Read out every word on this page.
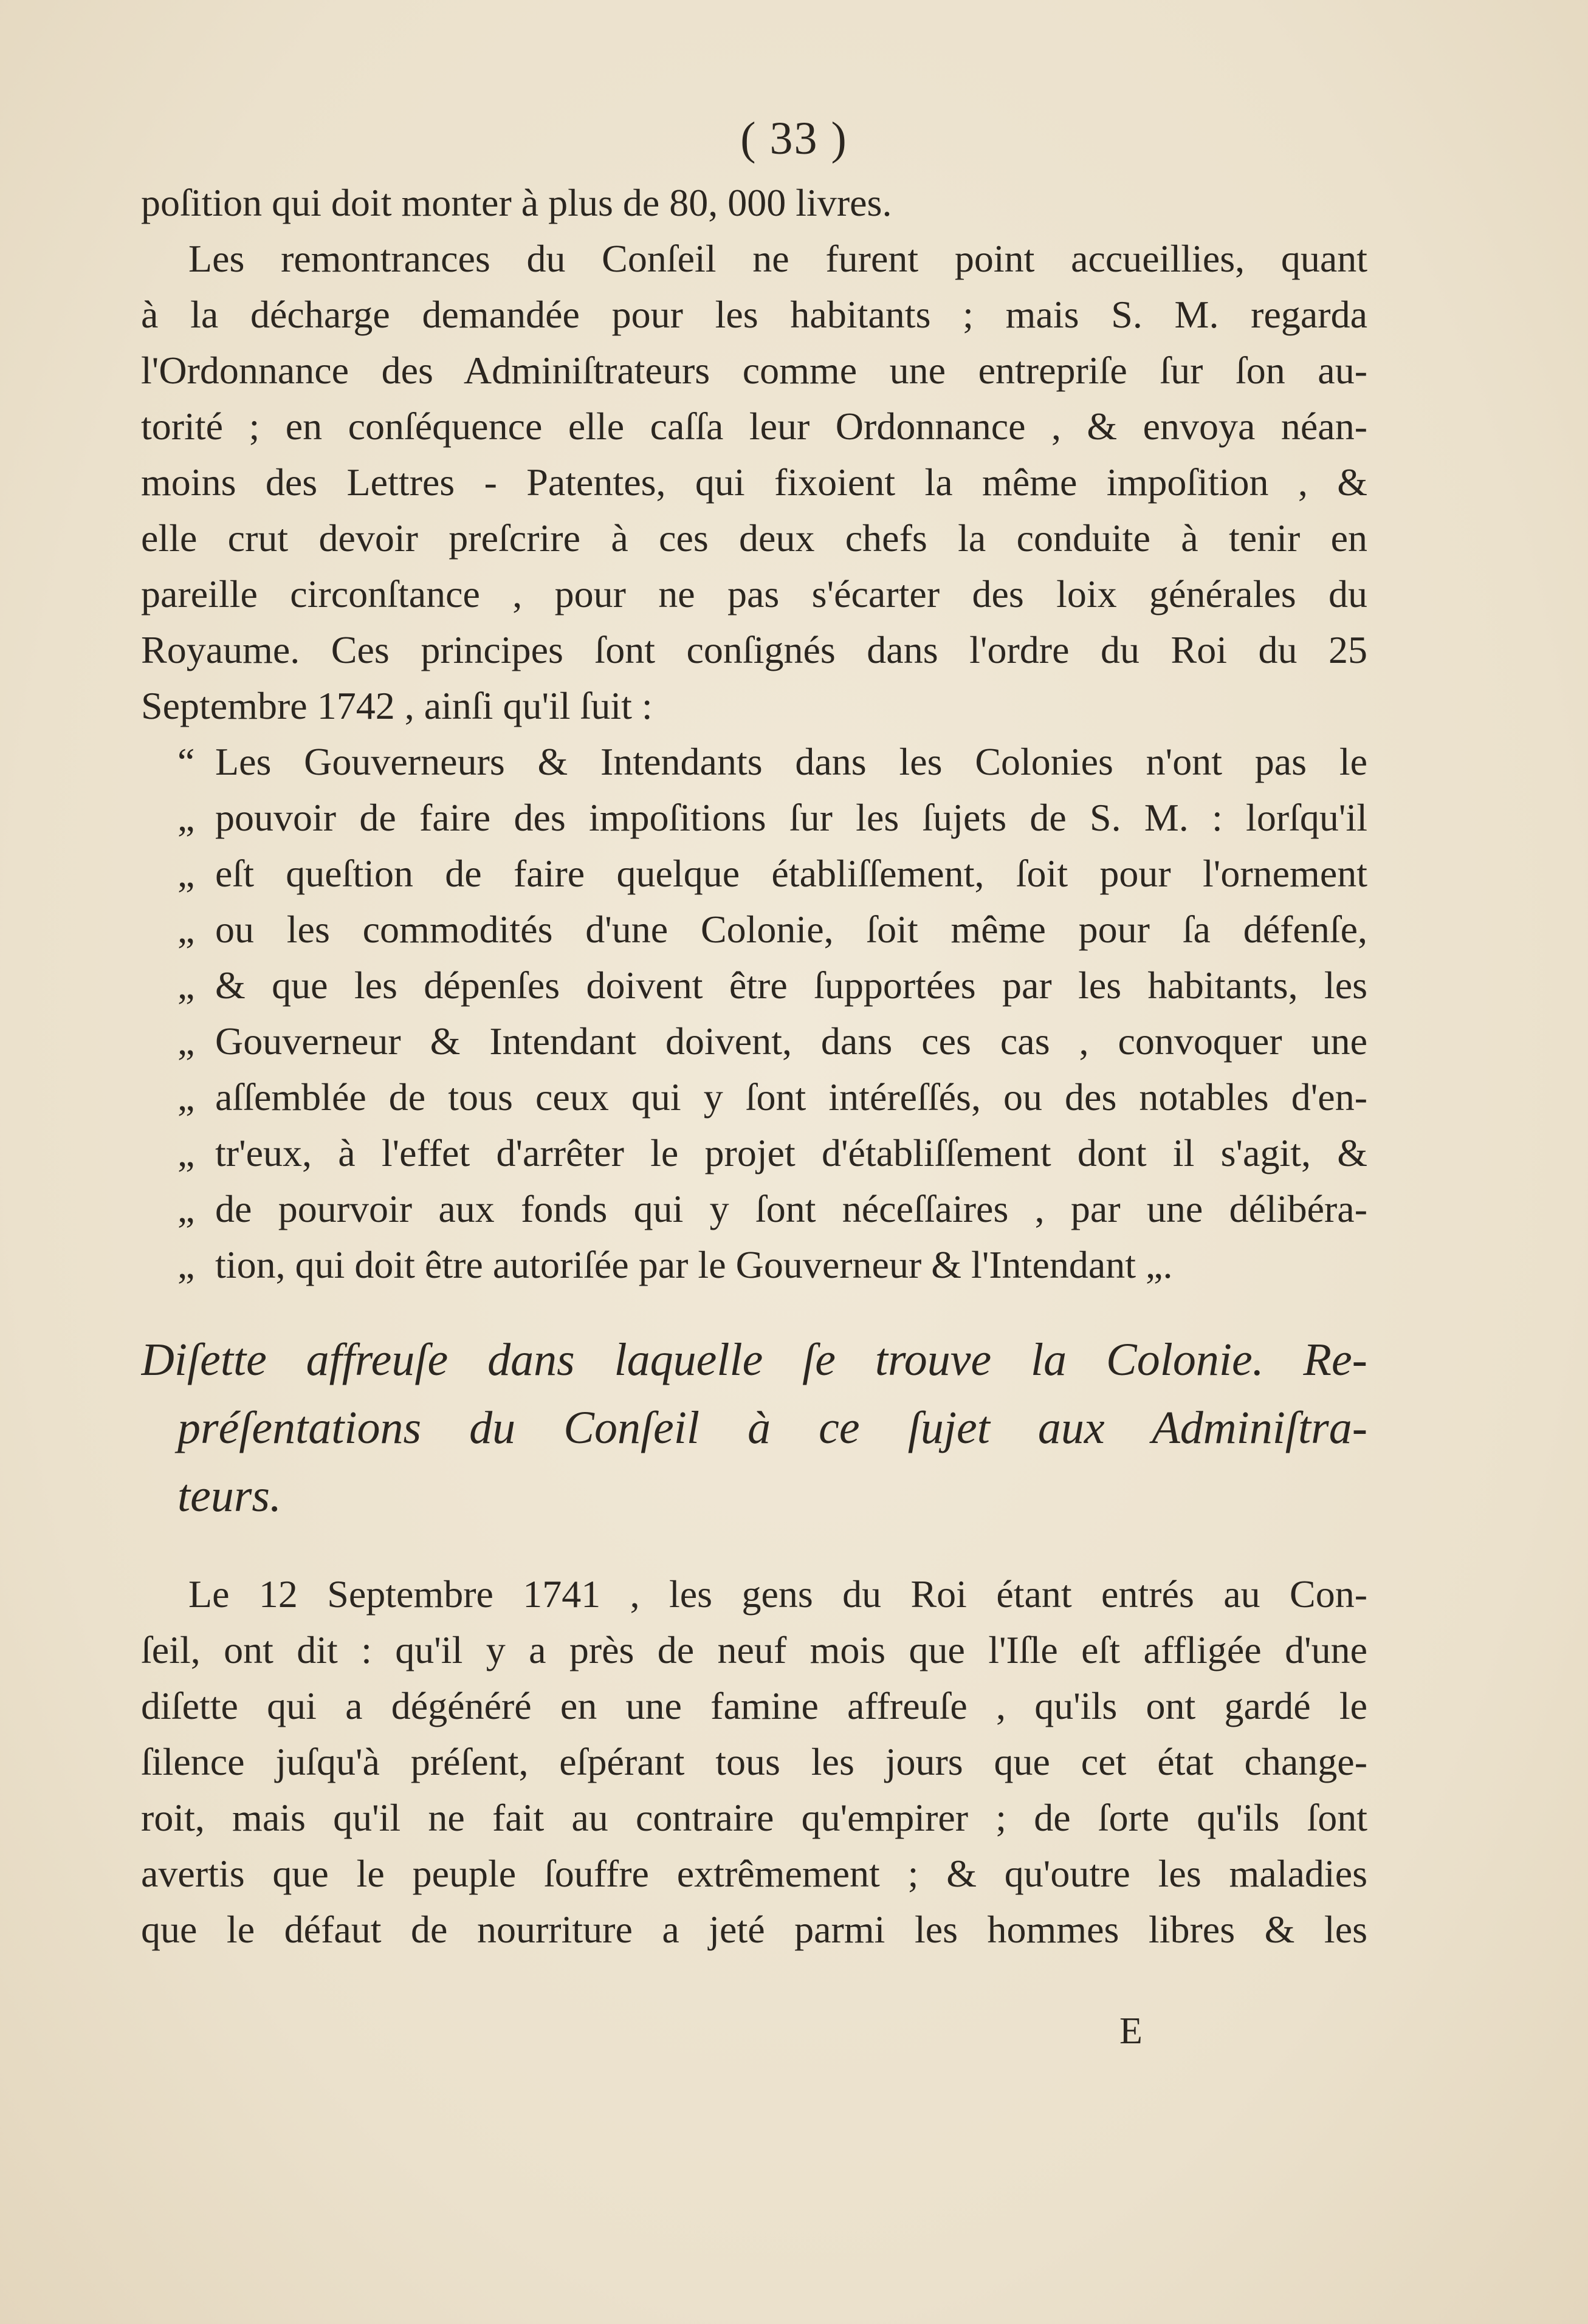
( 33 )

poſition qui doit monter à plus de 80, 000 livres.

Les remontrances du Conſeil ne furent point accueillies, quant
à la décharge demandée pour les habitants ; mais S. M. regarda
l'Ordonnance des Adminiſtrateurs comme une entrepriſe ſur ſon au-
torité ; en conſéquence elle caſſa leur Ordonnance , & envoya néan-
moins des Lettres - Patentes, qui fixoient la même impoſition , &
elle crut devoir preſcrire à ces deux chefs la conduite à tenir en
pareille circonſtance , pour ne pas s'écarter des loix générales du
Royaume. Ces principes ſont conſignés dans l'ordre du Roi du 25
Septembre 1742 , ainſi qu'il ſuit :

“ Les Gouverneurs & Intendants dans les Colonies n'ont pas le
„ pouvoir de faire des impoſitions ſur les ſujets de S. M. : lorſqu'il
„ eſt queſtion de faire quelque établiſſement, ſoit pour l'ornement
„ ou les commodités d'une Colonie, ſoit même pour ſa défenſe,
„ & que les dépenſes doivent être ſupportées par les habitants, les
„ Gouverneur & Intendant doivent, dans ces cas , convoquer une
„ aſſemblée de tous ceux qui y ſont intéreſſés, ou des notables d'en-
„ tr'eux, à l'effet d'arrêter le projet d'établiſſement dont il s'agit, &
„ de pourvoir aux fonds qui y ſont néceſſaires , par une délibéra-
„ tion, qui doit être autoriſée par le Gouverneur & l'Intendant „.

Diſette affreuſe dans laquelle ſe trouve la Colonie. Re-
préſentations du Conſeil à ce ſujet aux Adminiſtra-
teurs.

Le 12 Septembre 1741 , les gens du Roi étant entrés au Con-
ſeil, ont dit : qu'il y a près de neuf mois que l'Iſle eſt affligée d'une
diſette qui a dégénéré en une famine affreuſe , qu'ils ont gardé le
ſilence juſqu'à préſent, eſpérant tous les jours que cet état change-
roit, mais qu'il ne fait au contraire qu'empirer ; de ſorte qu'ils ſont
avertis que le peuple ſouffre extrêmement ; & qu'outre les maladies
que le défaut de nourriture a jeté parmi les hommes libres & les

E
